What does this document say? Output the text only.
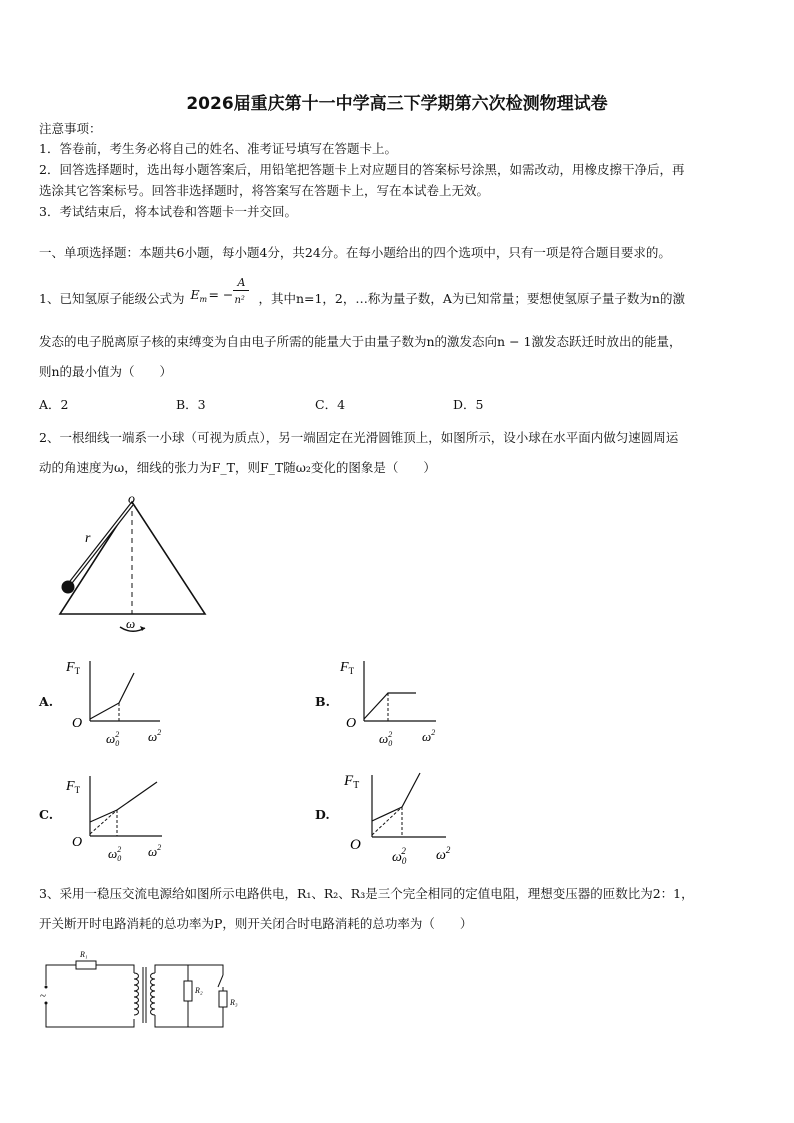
2026届重庆第十一中学高三下学期第六次检测物理试卷
注意事项：
1．答卷前，考生务必将自己的姓名、准考证号填写在答题卡上。
2．回答选择题时，选出每小题答案后，用铅笔把答题卡上对应题目的答案标号涂黑，如需改动，用橡皮擦干净后，再
选涂其它答案标号。回答非选择题时，将答案写在答题卡上，写在本试卷上无效。
3．考试结束后，将本试卷和答题卡一并交回。
一、单项选择题：本题共6小题，每小题4分，共24分。在每小题给出的四个选项中，只有一项是符合题目要求的。
1、已知氢原子能级公式为 E m = −
A
n² ，其中n=1，2，…称为量子数，A为已知常量；要想使氢原子量子数为n的激
发态的电子脱离原子核的束缚变为自由电子所需的能量大于由量子数为n的激发态向n − 1激发态跃迁时放出的能量，
则n的最小值为（　　）
A．2	B．3	C．4	D．5
2、一根细线一端系一小球（可视为质点），另一端固定在光滑圆锥顶上，如图所示，设小球在水平面内做匀速圆周运
动的角速度为ω，细线的张力为F_T，则F_T随ω₂变化的图象是（　　）
o
r
ω
A.
$F_T$
O
$\omega_02$ $\omega^2$
B.
$F_T$
O
$\omega_02$ $\omega^2$
C.
$F_T$
O
$\omega_02$ $\omega^2$
D.
$F_T$
O
$\omega_02$ $\omega^2$
3、采用一稳压交流电源给如图所示电路供电，R₁、R₂、R₃是三个完全相同的定值电阻，理想变压器的匝数比为2：1，
开关断开时电路消耗的总功率为P，则开关闭合时电路消耗的总功率为（　　）
~
R₁
R₂
R₃
